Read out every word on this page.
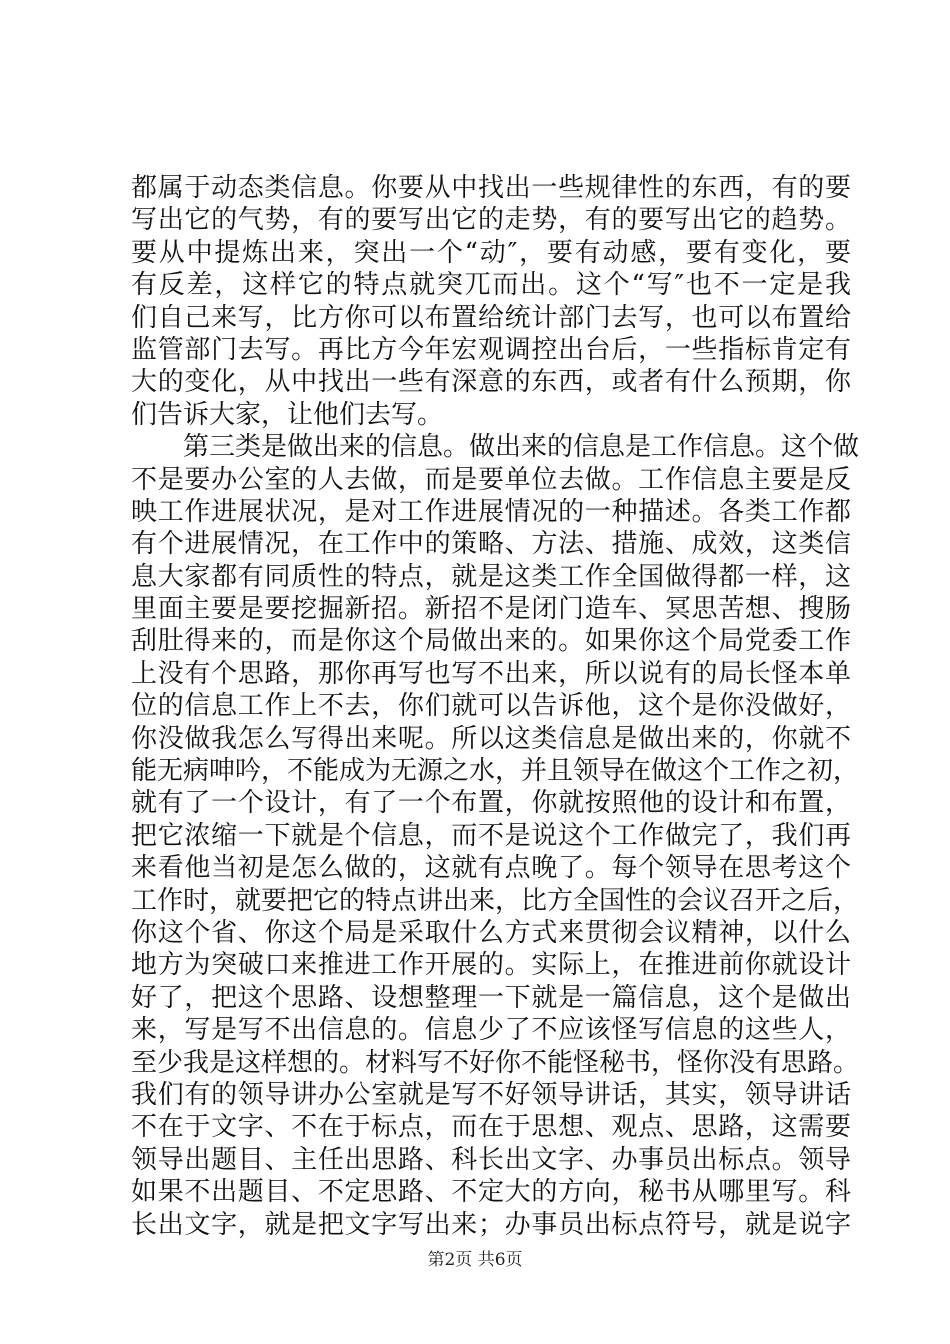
都属于动态类信息。你要从中找出一些规律性的东西，有的要
写出它的气势，有的要写出它的走势，有的要写出它的趋势。
要从中提炼出来，突出一个“动″，要有动感，要有变化，要
有反差，这样它的特点就突兀而出。这个“写″也不一定是我
们自己来写，比方你可以布置给统计部门去写，也可以布置给
监管部门去写。再比方今年宏观调控出台后，一些指标肯定有
大的变化，从中找出一些有深意的东西，或者有什么预期，你
们告诉大家，让他们去写。
第三类是做出来的信息。做出来的信息是工作信息。这个做
不是要办公室的人去做，而是要单位去做。工作信息主要是反
映工作进展状况，是对工作进展情况的一种描述。各类工作都
有个进展情况，在工作中的策略、方法、措施、成效，这类信
息大家都有同质性的特点，就是这类工作全国做得都一样，这
里面主要是要挖掘新招。新招不是闭门造车、冥思苦想、搜肠
刮肚得来的，而是你这个局做出来的。如果你这个局党委工作
上没有个思路，那你再写也写不出来，所以说有的局长怪本单
位的信息工作上不去，你们就可以告诉他，这个是你没做好，
你没做我怎么写得出来呢。所以这类信息是做出来的，你就不
能无病呻吟，不能成为无源之水，并且领导在做这个工作之初，
就有了一个设计，有了一个布置，你就按照他的设计和布置，
把它浓缩一下就是个信息，而不是说这个工作做完了，我们再
来看他当初是怎么做的，这就有点晚了。每个领导在思考这个
工作时，就要把它的特点讲出来，比方全国性的会议召开之后，
你这个省、你这个局是采取什么方式来贯彻会议精神，以什么
地方为突破口来推进工作开展的。实际上，在推进前你就设计
好了，把这个思路、设想整理一下就是一篇信息，这个是做出
来，写是写不出信息的。信息少了不应该怪写信息的这些人，
至少我是这样想的。材料写不好你不能怪秘书，怪你没有思路。
我们有的领导讲办公室就是写不好领导讲话，其实，领导讲话
不在于文字、不在于标点，而在于思想、观点、思路，这需要
领导出题目、主任出思路、科长出文字、办事员出标点。领导
如果不出题目、不定思路、不定大的方向，秘书从哪里写。科
长出文字，就是把文字写出来；办事员出标点符号，就是说字
第2页 共6页
